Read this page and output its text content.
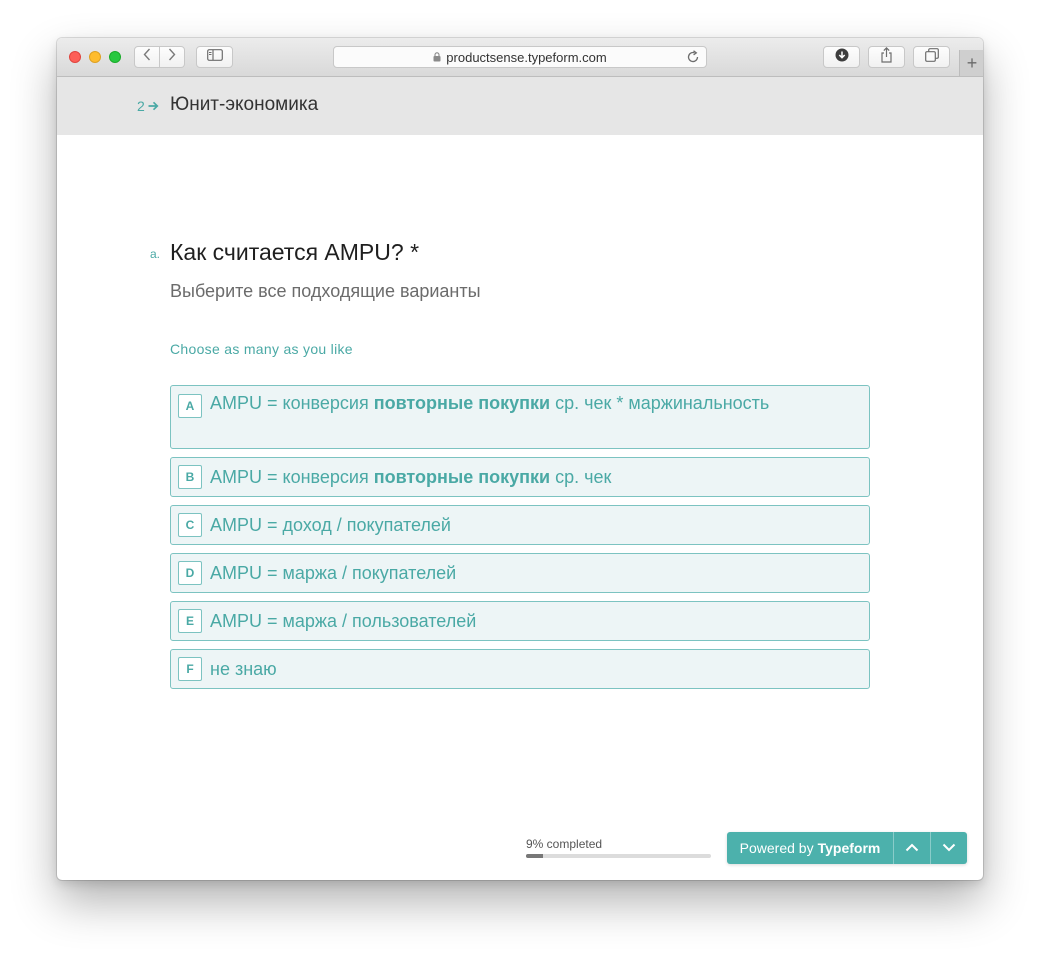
productsense.typeform.com	+
2 Юнит-экономика
a. Как считается AMPU? *
Выберите все подходящие варианты
Choose as many as you like
A AMPU = конверсия повторные покупки ср. чек * маржинальность
B AMPU = конверсия повторные покупки ср. чек
C AMPU = доход / покупателей
D AMPU = маржа / покупателей
E AMPU = маржа / пользователей
F не знаю
9% completed	Powered by Typeform
